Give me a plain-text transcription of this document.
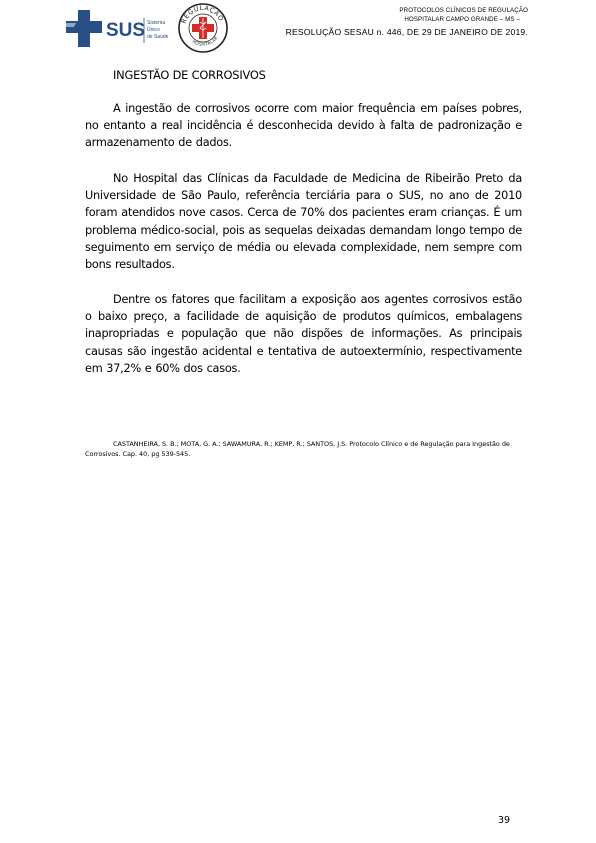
SUS Sistema
Único
de Saúde
REGULAÇÃO
HOSPITALAR
PROTOCOLOS CLÍNICOS DE REGULAÇÃO
HOSPITALAR CAMPO GRANDE – MS –
RESOLUÇÃO SESAU n. 446, DE 29 DE JANEIRO DE 2019.
INGESTÃO DE CORROSIVOS

A ingestão de corrosivos ocorre com maior frequência em países pobres, no entanto a real incidência é desconhecida devido à falta de padronização e armazenamento de dados.

No Hospital das Clínicas da Faculdade de Medicina de Ribeirão Preto da Universidade de São Paulo, referência terciária para o SUS, no ano de 2010 foram atendidos nove casos. Cerca de 70% dos pacientes eram crianças. É um problema médico-social, pois as sequelas deixadas demandam longo tempo de seguimento em serviço de média ou elevada complexidade, nem sempre com bons resultados.

Dentre os fatores que facilitam a exposição aos agentes corrosivos estão o baixo preço, a facilidade de aquisição de produtos químicos, embalagens inapropriadas e população que não dispões de informações. As principais causas são ingestão acidental e tentativa de autoextermínio, respectivamente em 37,2% e 60% dos casos.

CASTANHEIRA, S. B.; MOTA, G. A.; SAWAMURA, R.; KEMP, R.; SANTOS, J.S. Protocolo Clínico e de Regulação para Ingestão de Corrosivos. Cap. 40, pg 539-545.
39
